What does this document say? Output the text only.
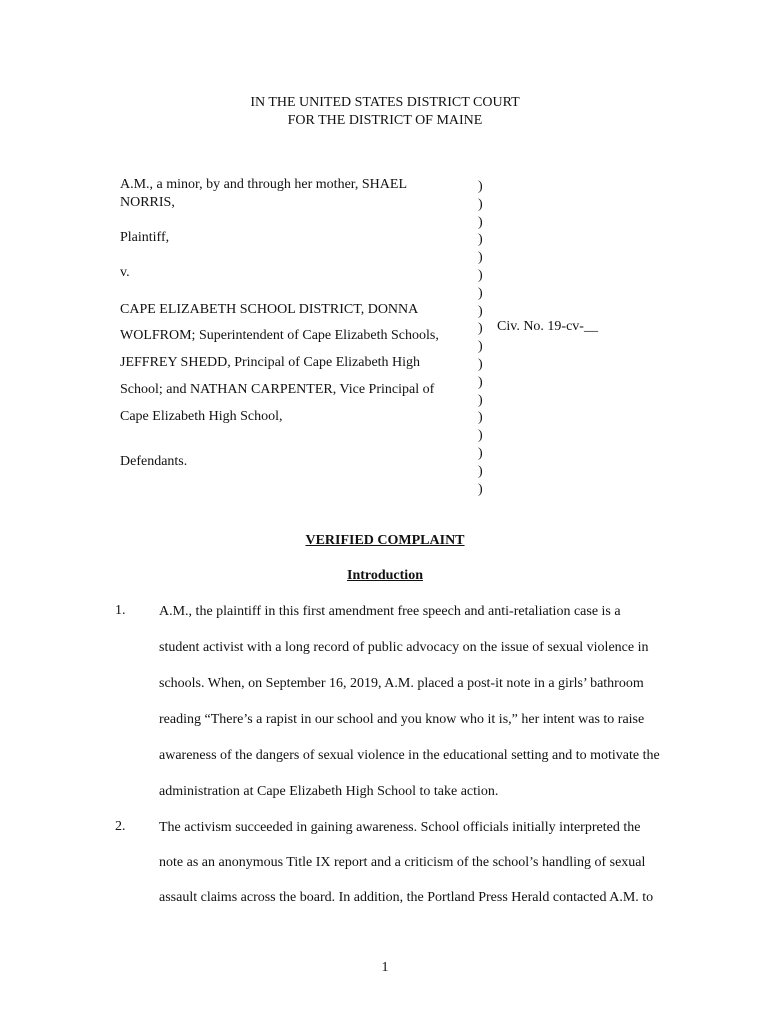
IN THE UNITED STATES DISTRICT COURT
FOR THE DISTRICT OF MAINE
A.M., a minor, by and through her mother, SHAEL
NORRIS,
Plaintiff,
v.
CAPE ELIZABETH SCHOOL DISTRICT, DONNA
WOLFROM; Superintendent of Cape Elizabeth Schools,
JEFFREY SHEDD, Principal of Cape Elizabeth High
School; and NATHAN CARPENTER, Vice Principal of
Cape Elizabeth High School,
Defendants.
)
)
)
)
)
)
)
)
)
)
)
)
)
)
)
)
)
)
Civ. No. 19-cv-__
VERIFIED COMPLAINT
Introduction
1. A.M., the plaintiff in this first amendment free speech and anti-retaliation case is a
student activist with a long record of public advocacy on the issue of sexual violence in
schools. When, on September 16, 2019, A.M. placed a post-it note in a girls’ bathroom
reading “There’s a rapist in our school and you know who it is,” her intent was to raise
awareness of the dangers of sexual violence in the educational setting and to motivate the
administration at Cape Elizabeth High School to take action.
2. The activism succeeded in gaining awareness. School officials initially interpreted the
note as an anonymous Title IX report and a criticism of the school’s handling of sexual
assault claims across the board. In addition, the Portland Press Herald contacted A.M. to
1
